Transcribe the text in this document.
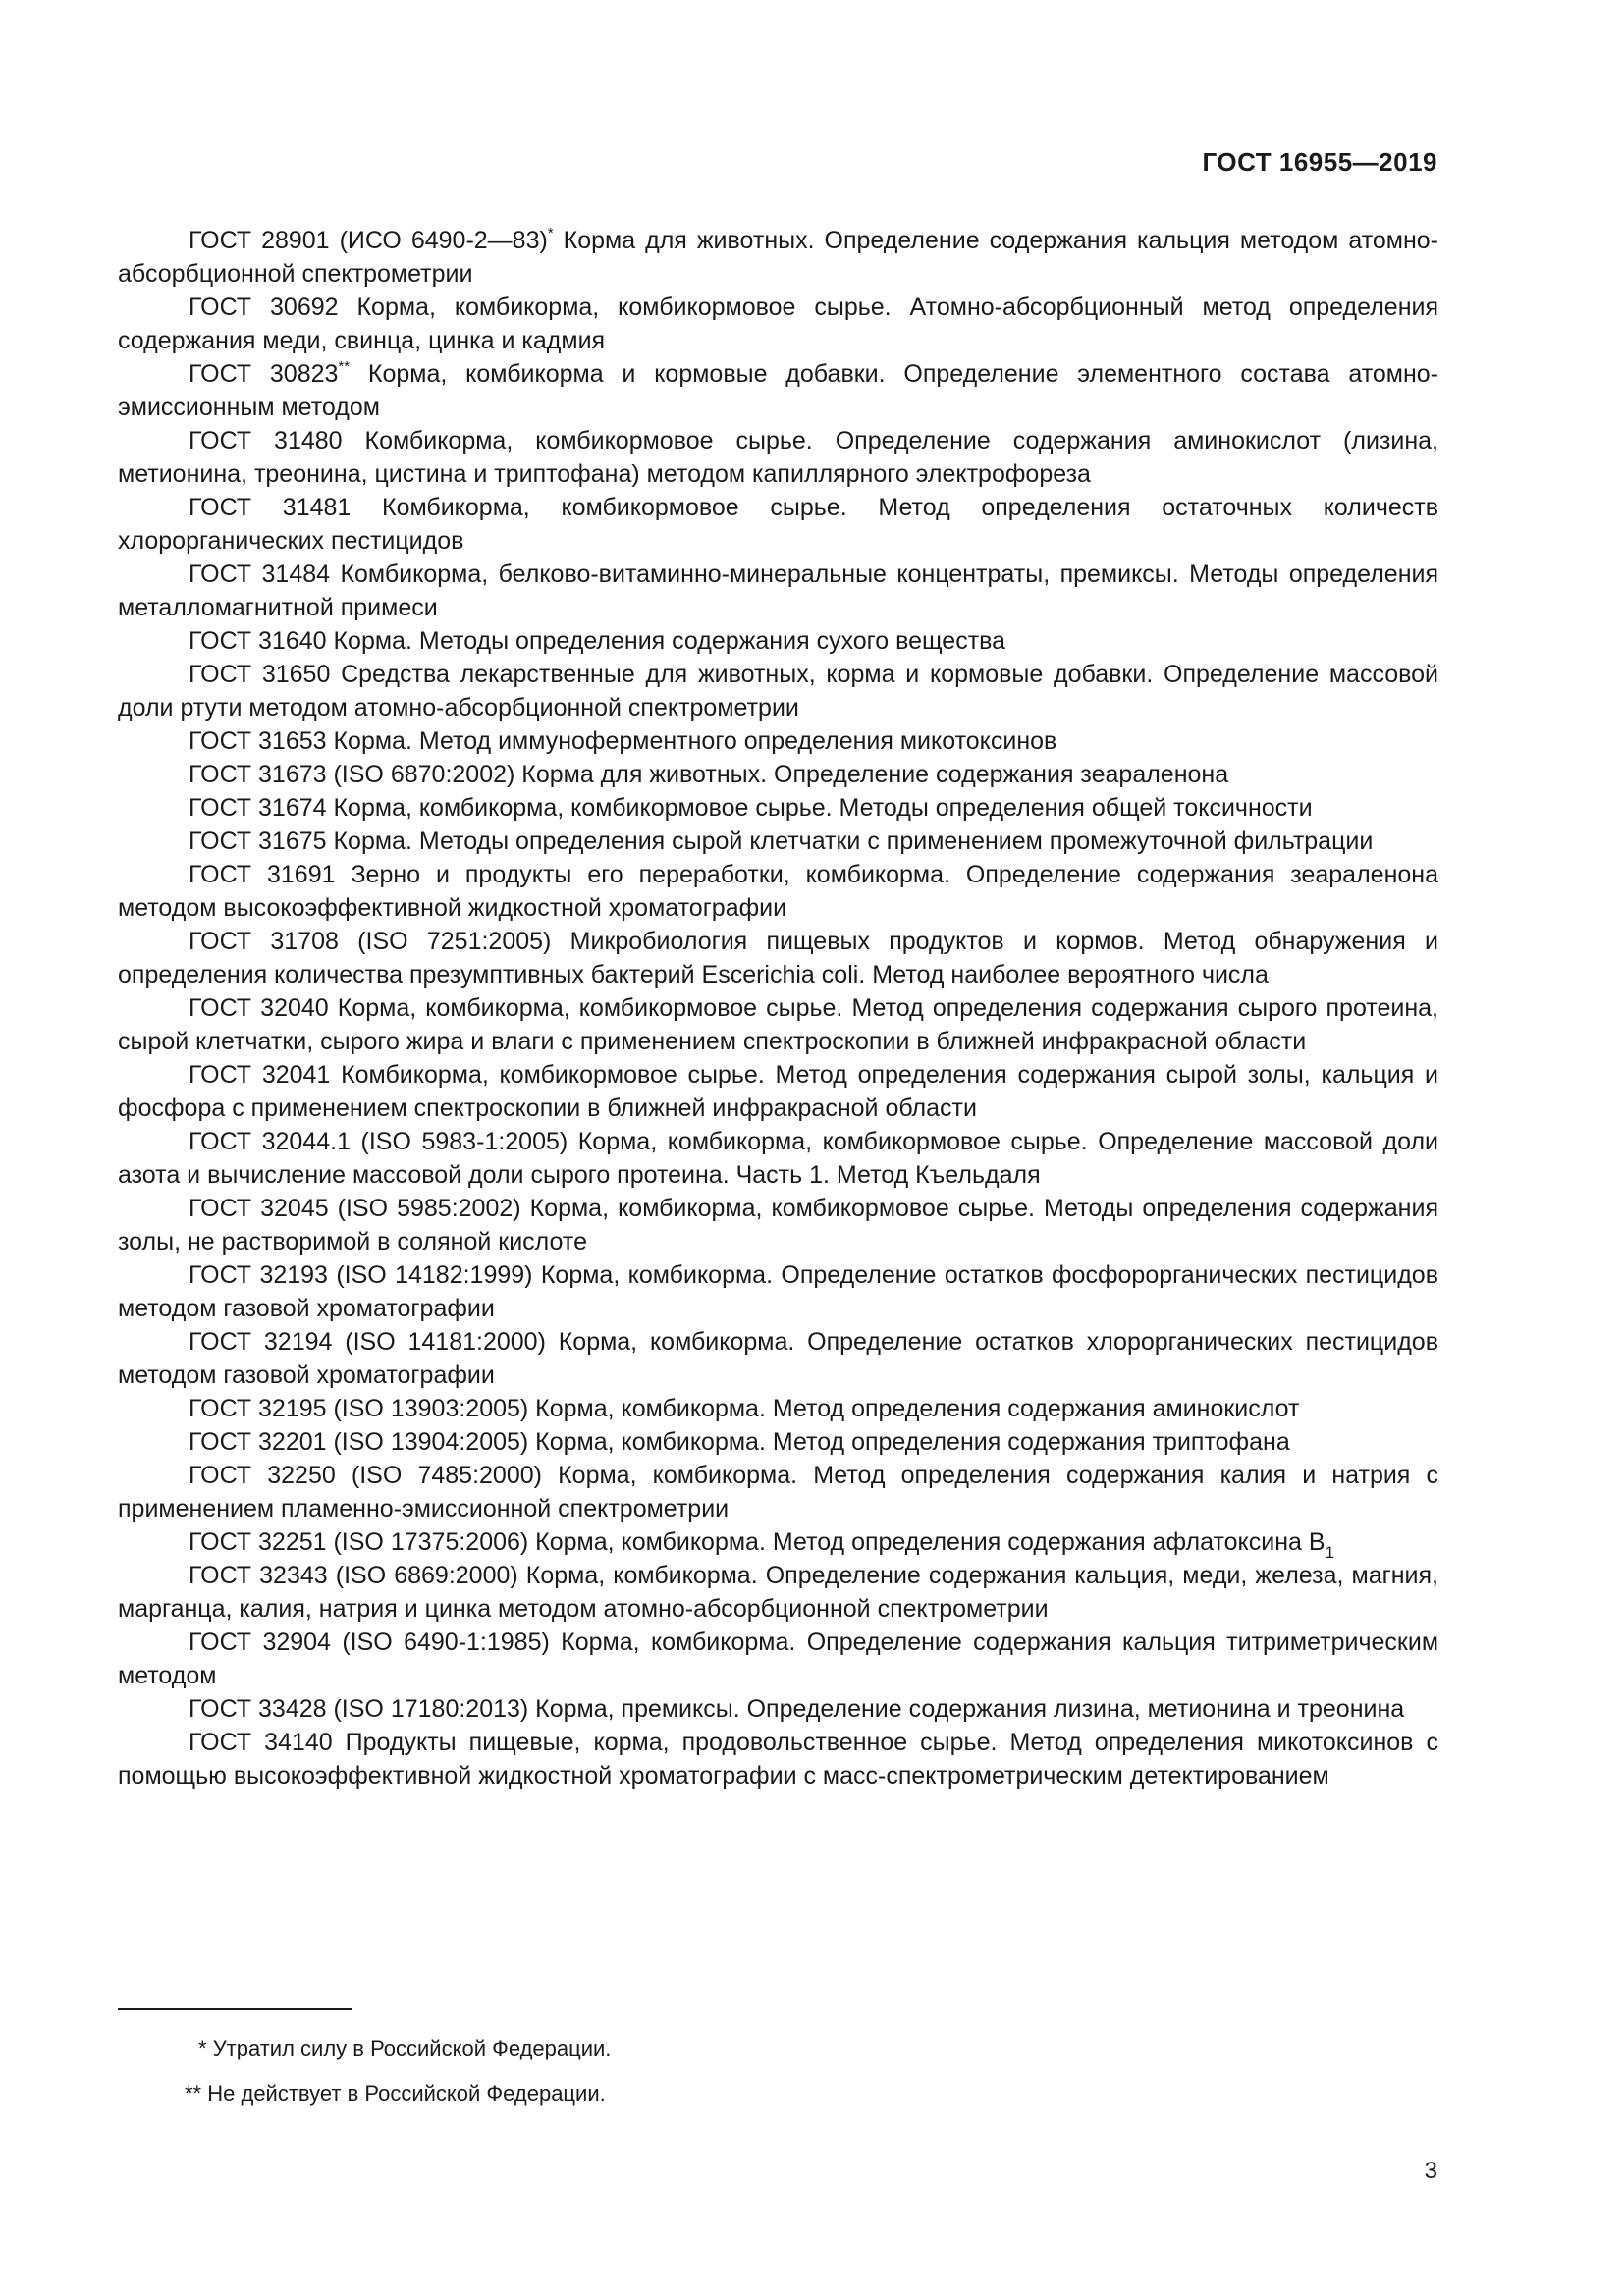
ГОСТ 16955—2019

ГОСТ 28901 (ИСО 6490-2—83)* Корма для животных. Определение содержания кальция методом атомно-абсорбционной спектрометрии

ГОСТ 30692 Корма, комбикорма, комбикормовое сырье. Атомно-абсорбционный метод определения содержания меди, свинца, цинка и кадмия

ГОСТ 30823** Корма, комбикорма и кормовые добавки. Определение элементного состава атомно-эмиссионным методом

ГОСТ 31480 Комбикорма, комбикормовое сырье. Определение содержания аминокислот (лизина, метионина, треонина, цистина и триптофана) методом капиллярного электрофореза

ГОСТ 31481 Комбикорма, комбикормовое сырье. Метод определения остаточных количеств хлорорганических пестицидов

ГОСТ 31484 Комбикорма, белково-витаминно-минеральные концентраты, премиксы. Методы определения металломагнитной примеси

ГОСТ 31640 Корма. Методы определения содержания сухого вещества

ГОСТ 31650 Средства лекарственные для животных, корма и кормовые добавки. Определение массовой доли ртути методом атомно-абсорбционной спектрометрии

ГОСТ 31653 Корма. Метод иммуноферментного определения микотоксинов

ГОСТ 31673 (ISO 6870:2002) Корма для животных. Определение содержания зеараленона

ГОСТ 31674 Корма, комбикорма, комбикормовое сырье. Методы определения общей токсичности

ГОСТ 31675 Корма. Методы определения сырой клетчатки с применением промежуточной фильтрации

ГОСТ 31691 Зерно и продукты его переработки, комбикорма. Определение содержания зеараленона методом высокоэффективной жидкостной хроматографии

ГОСТ 31708 (ISO 7251:2005) Микробиология пищевых продуктов и кормов. Метод обнаружения и определения количества презумптивных бактерий Escerichia coli. Метод наиболее вероятного числа

ГОСТ 32040 Корма, комбикорма, комбикормовое сырье. Метод определения содержания сырого протеина, сырой клетчатки, сырого жира и влаги с применением спектроскопии в ближней инфракрасной области

ГОСТ 32041 Комбикорма, комбикормовое сырье. Метод определения содержания сырой золы, кальция и фосфора с применением спектроскопии в ближней инфракрасной области

ГОСТ 32044.1 (ISO 5983-1:2005) Корма, комбикорма, комбикормовое сырье. Определение массовой доли азота и вычисление массовой доли сырого протеина. Часть 1. Метод Къельдаля

ГОСТ 32045 (ISO 5985:2002) Корма, комбикорма, комбикормовое сырье. Методы определения содержания золы, не растворимой в соляной кислоте

ГОСТ 32193 (ISO 14182:1999) Корма, комбикорма. Определение остатков фосфорорганических пестицидов методом газовой хроматографии

ГОСТ 32194 (ISO 14181:2000) Корма, комбикорма. Определение остатков хлорорганических пестицидов методом газовой хроматографии

ГОСТ 32195 (ISO 13903:2005) Корма, комбикорма. Метод определения содержания аминокислот

ГОСТ 32201 (ISO 13904:2005) Корма, комбикорма. Метод определения содержания триптофана

ГОСТ 32250 (ISO 7485:2000) Корма, комбикорма. Метод определения содержания калия и натрия с применением пламенно-эмиссионной спектрометрии

ГОСТ 32251 (ISO 17375:2006) Корма, комбикорма. Метод определения содержания афлатоксина $B_1$

ГОСТ 32343 (ISO 6869:2000) Корма, комбикорма. Определение содержания кальция, меди, железа, магния, марганца, калия, натрия и цинка методом атомно-абсорбционной спектрометрии

ГОСТ 32904 (ISO 6490-1:1985) Корма, комбикорма. Определение содержания кальция титриметрическим методом

ГОСТ 33428 (ISO 17180:2013) Корма, премиксы. Определение содержания лизина, метионина и треонина

ГОСТ 34140 Продукты пищевые, корма, продовольственное сырье. Метод определения микотоксинов с помощью высокоэффективной жидкостной хроматографии с масс-спектрометрическим детектированием

* Утратил силу в Российской Федерации.

** Не действует в Российской Федерации.

3
